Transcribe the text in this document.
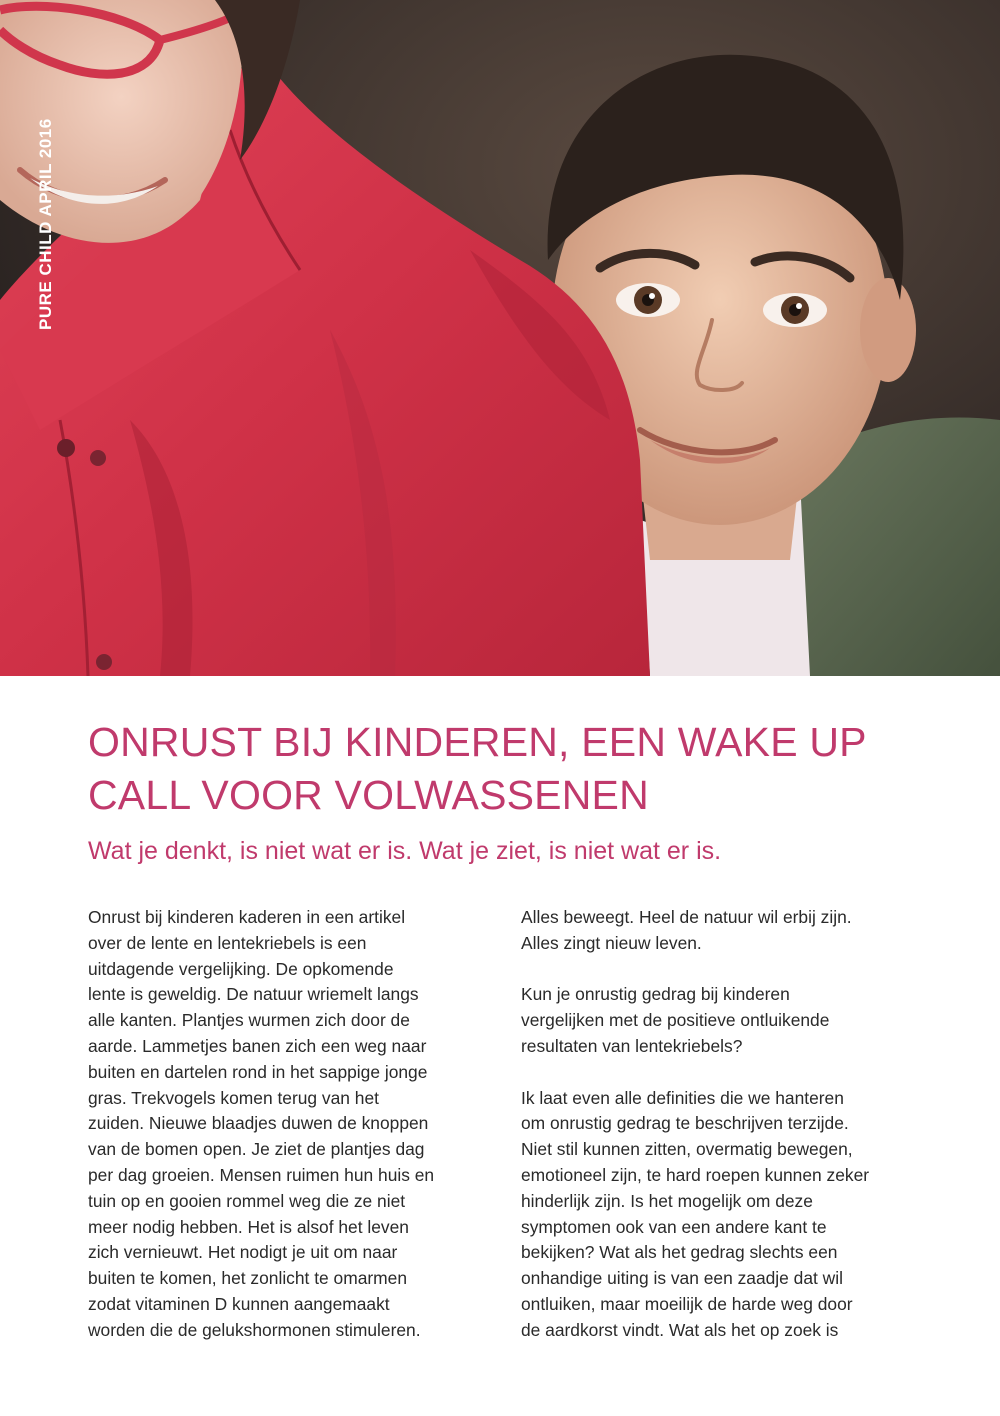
PURE CHILD APRIL 2016
ONRUST BIJ KINDEREN, EEN WAKE UP
CALL VOOR VOLWASSENEN

Wat je denkt, is niet wat er is. Wat je ziet, is niet wat er is.

Onrust bij kinderen kaderen in een artikel
over de lente en lentekriebels is een
uitdagende vergelijking. De opkomende
lente is geweldig. De natuur wriemelt langs
alle kanten. Plantjes wurmen zich door de
aarde. Lammetjes banen zich een weg naar
buiten en dartelen rond in het sappige jonge
gras. Trekvogels komen terug van het
zuiden. Nieuwe blaadjes duwen de knoppen
van de bomen open. Je ziet de plantjes dag
per dag groeien. Mensen ruimen hun huis en
tuin op en gooien rommel weg die ze niet
meer nodig hebben. Het is alsof het leven
zich vernieuwt. Het nodigt je uit om naar
buiten te komen, het zonlicht te omarmen
zodat vitaminen D kunnen aangemaakt
worden die de gelukshormonen stimuleren.

Alles beweegt. Heel de natuur wil erbij zijn.
Alles zingt nieuw leven.

Kun je onrustig gedrag bij kinderen
vergelijken met de positieve ontluikende
resultaten van lentekriebels?

Ik laat even alle definities die we hanteren
om onrustig gedrag te beschrijven terzijde.
Niet stil kunnen zitten, overmatig bewegen,
emotioneel zijn, te hard roepen kunnen zeker
hinderlijk zijn. Is het mogelijk om deze
symptomen ook van een andere kant te
bekijken? Wat als het gedrag slechts een
onhandige uiting is van een zaadje dat wil
ontluiken, maar moeilijk de harde weg door
de aardkorst vindt. Wat als het op zoek is
